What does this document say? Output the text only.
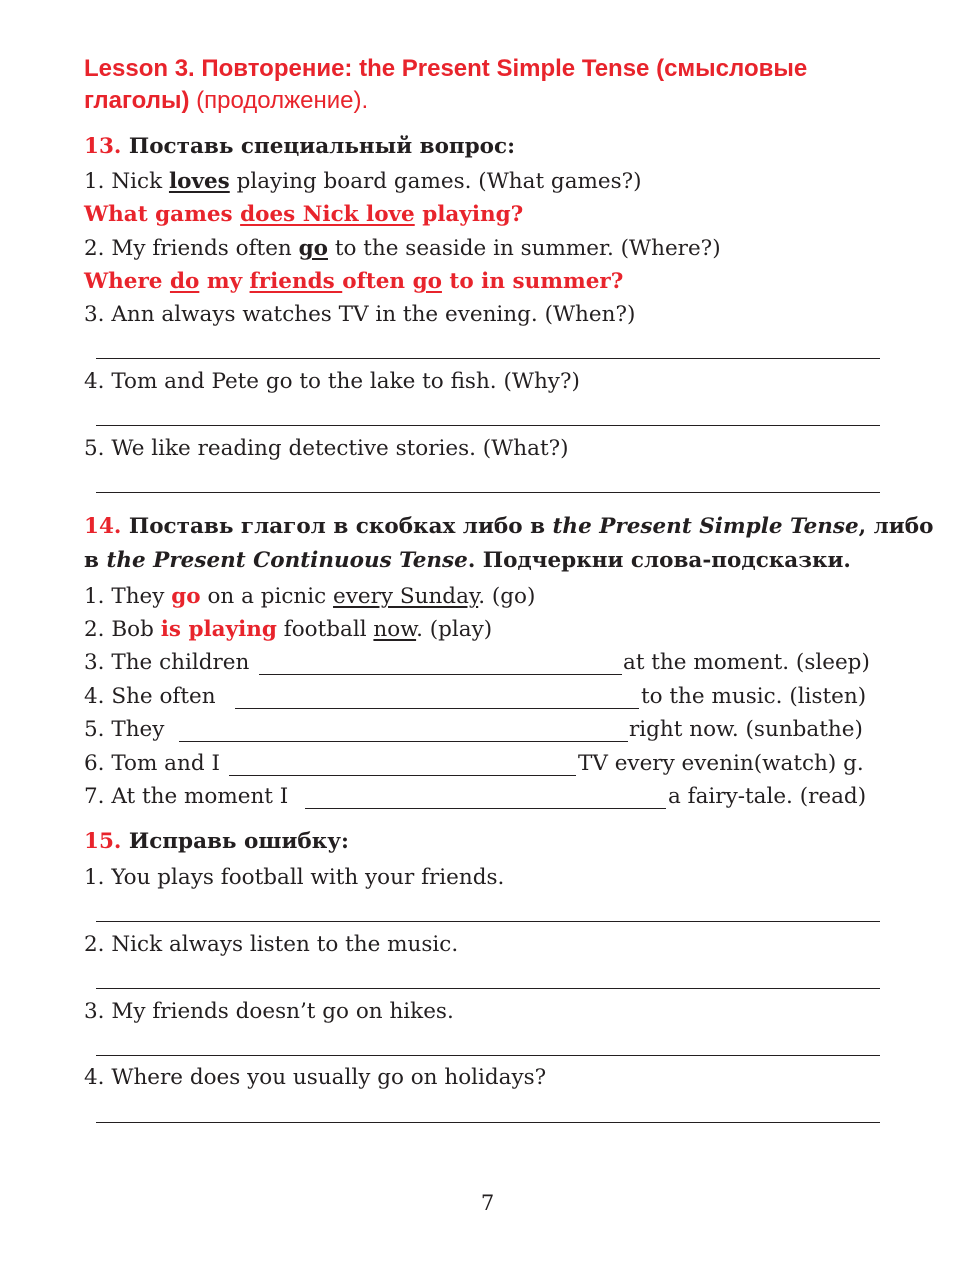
Lesson 3. Повторение: the Present Simple Tense (смысловые
глаголы) (продолжение).
13. Поставь специальный вопрос:
1. Nick loves playing board games. (What games?)
What games does Nick love playing?
2. My friends often go to the seaside in summer. (Where?)
Where do my friends often go to in summer?
3. Ann always watches TV in the evening. (When?)
4. Tom and Pete go to the lake to fish. (Why?)
5. We like reading detective stories. (What?)
14. Поставь глагол в скобках либо в the Present Simple Tense, либо
в the Present Continuous Tense. Подчеркни слова-подсказки.
1. They go on a picnic every Sunday. (go)
2. Bob is playing football now. (play)
3. The children	at the moment. (sleep)
4. She often	to the music. (listen)
5. They	right now. (sunbathe)
6. Tom and I	TV every evenin(watch) g.
7. At the moment I	a fairy-tale. (read)
15. Исправь ошибку:
1. You plays football with your friends.
2. Nick always listen to the music.
3. My friends doesn’t go on hikes.
4. Where does you usually go on holidays?
7
